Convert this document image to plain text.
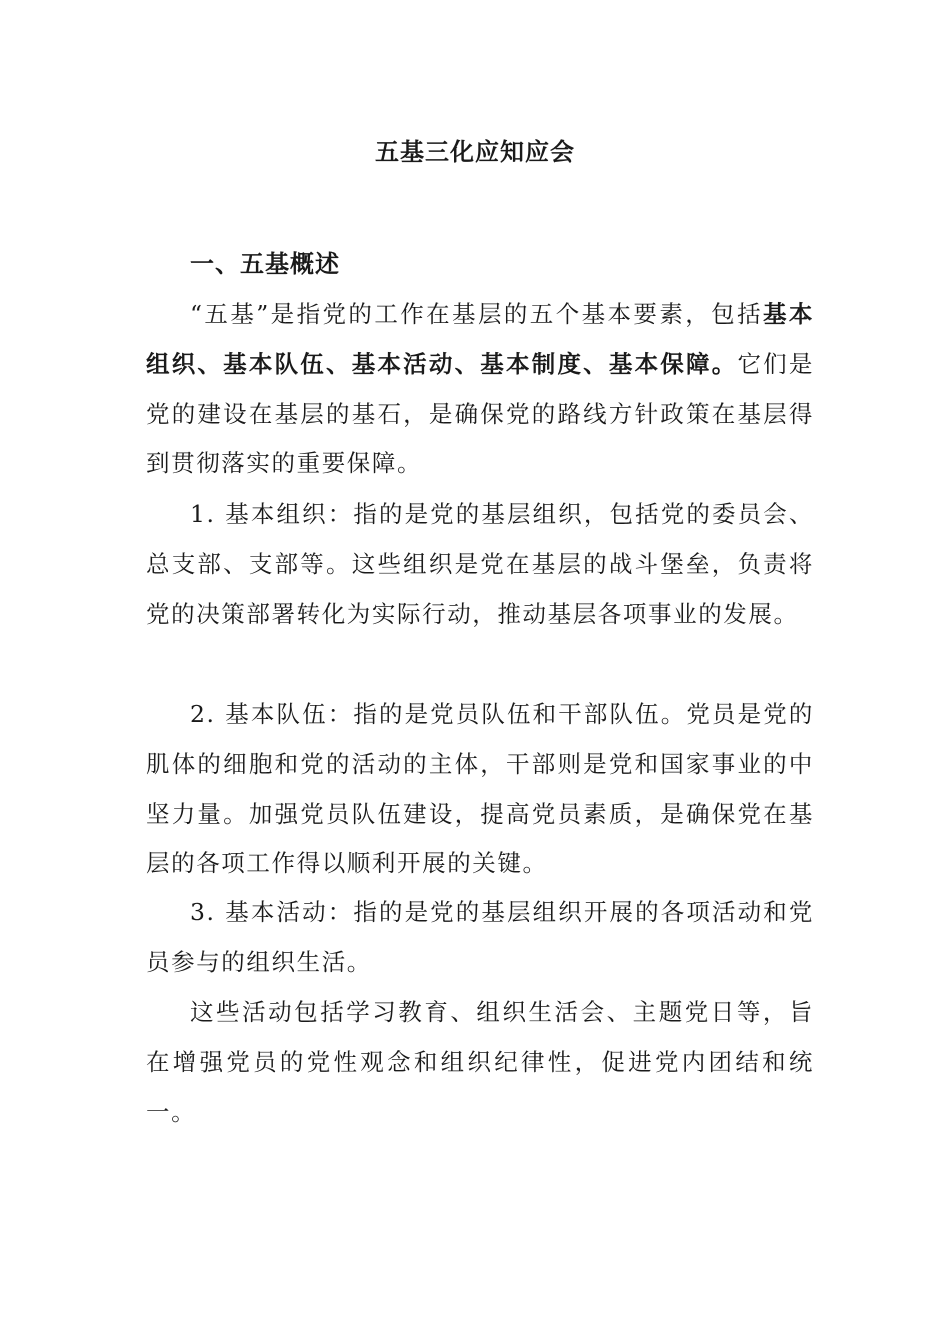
五基三化应知应会
一、五基概述

“五基”是指党的工作在基层的五个基本要素，包括基本组织、基本队伍、基本活动、基本制度、基本保障。它们是党的建设在基层的基石，是确保党的路线方针政策在基层得到贯彻落实的重要保障。

1. 基本组织：指的是党的基层组织，包括党的委员会、总支部、支部等。这些组织是党在基层的战斗堡垒，负责将党的决策部署转化为实际行动，推动基层各项事业的发展。

2. 基本队伍：指的是党员队伍和干部队伍。党员是党的肌体的细胞和党的活动的主体，干部则是党和国家事业的中坚力量。加强党员队伍建设，提高党员素质，是确保党在基层的各项工作得以顺利开展的关键。

3. 基本活动：指的是党的基层组织开展的各项活动和党员参与的组织生活。

这些活动包括学习教育、组织生活会、主题党日等，旨在增强党员的党性观念和组织纪律性，促进党内团结和统一。
